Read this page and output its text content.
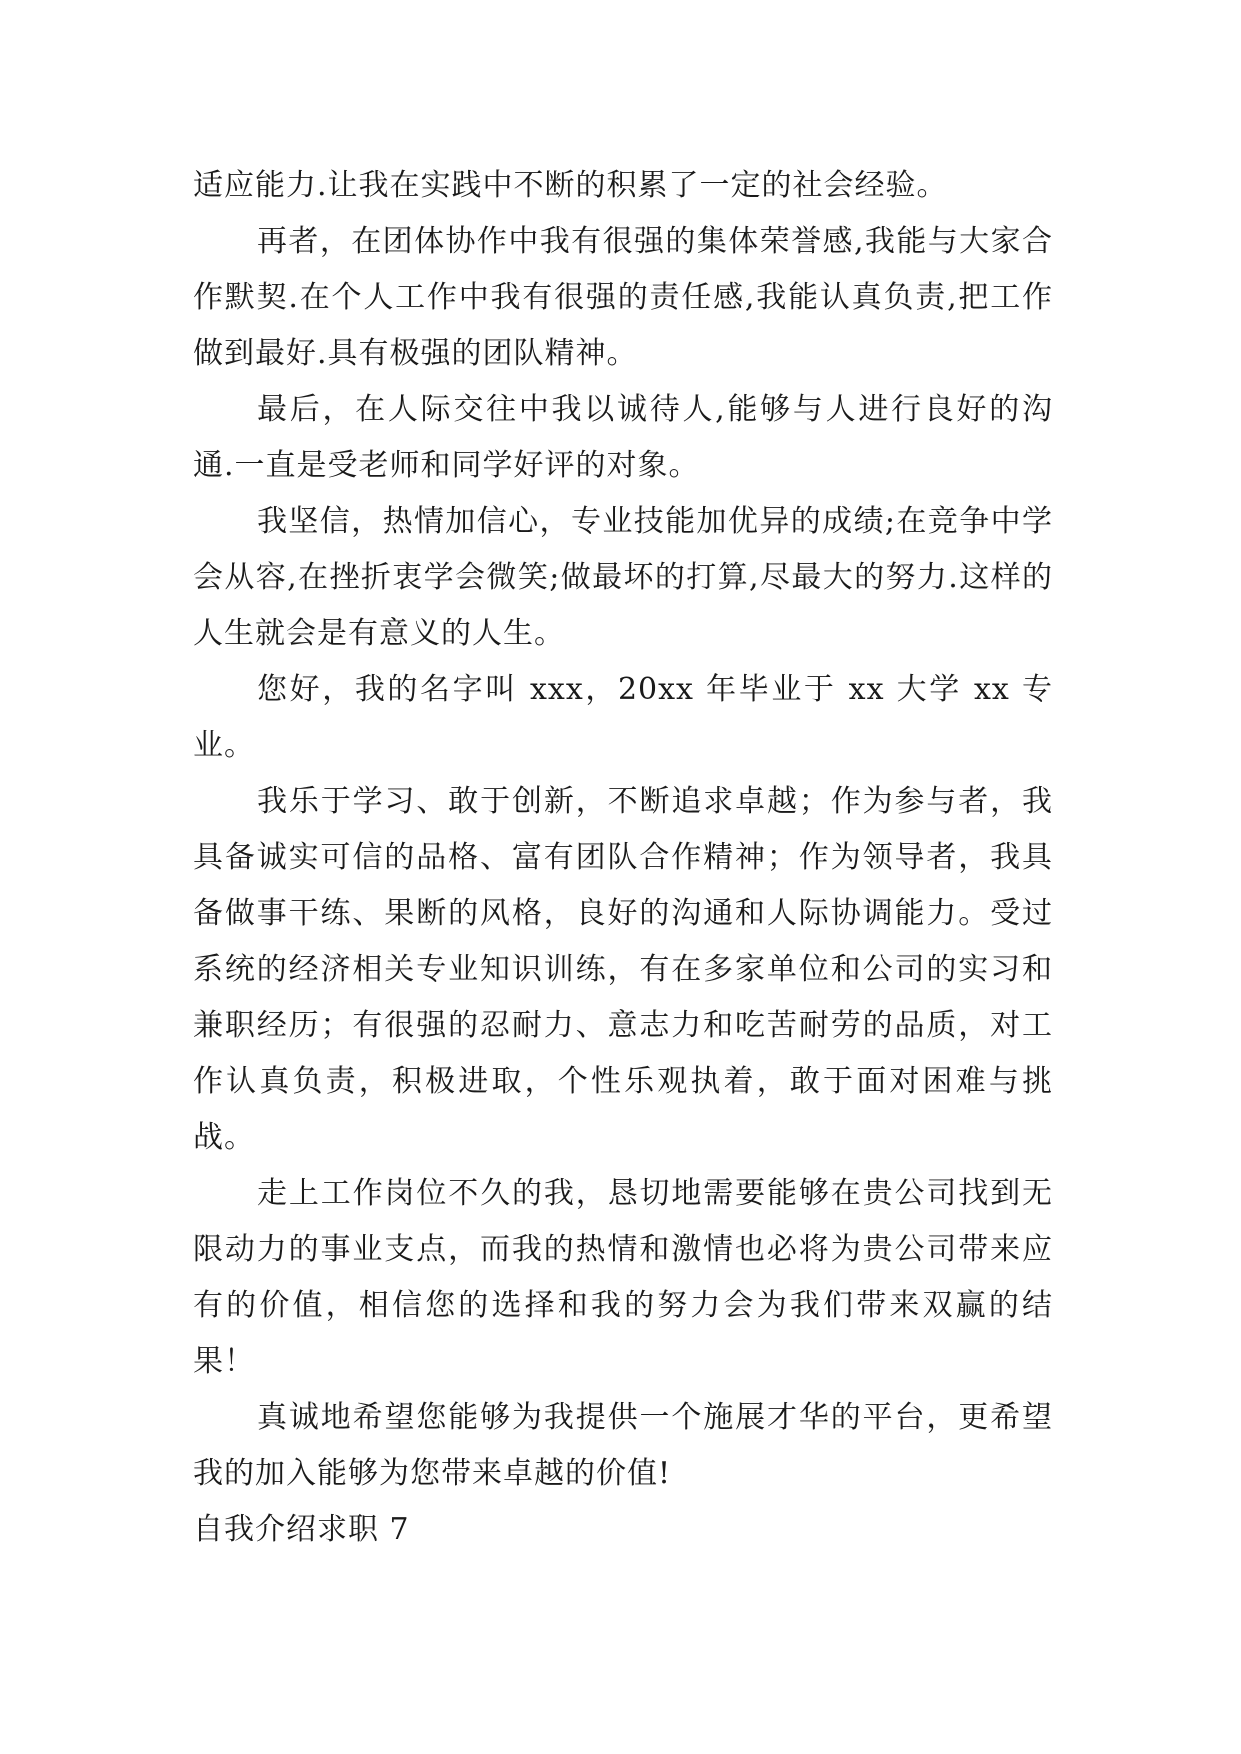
适应能力.让我在实践中不断的积累了一定的社会经验。

再者，在团体协作中我有很强的集体荣誉感,我能与大家合作默契.在个人工作中我有很强的责任感,我能认真负责,把工作做到最好.具有极强的团队精神。

最后，在人际交往中我以诚待人,能够与人进行良好的沟通.一直是受老师和同学好评的对象。

我坚信，热情加信心，专业技能加优异的成绩;在竞争中学会从容,在挫折衷学会微笑;做最坏的打算,尽最大的努力.这样的人生就会是有意义的人生。

您好，我的名字叫 xxx，20xx 年毕业于 xx 大学 xx 专业。

我乐于学习、敢于创新，不断追求卓越；作为参与者，我具备诚实可信的品格、富有团队合作精神；作为领导者，我具备做事干练、果断的风格，良好的沟通和人际协调能力。受过系统的经济相关专业知识训练，有在多家单位和公司的实习和兼职经历；有很强的忍耐力、意志力和吃苦耐劳的品质，对工作认真负责，积极进取，个性乐观执着，敢于面对困难与挑战。

走上工作岗位不久的我，恳切地需要能够在贵公司找到无限动力的事业支点，而我的热情和激情也必将为贵公司带来应有的价值，相信您的选择和我的努力会为我们带来双赢的结果！

真诚地希望您能够为我提供一个施展才华的平台，更希望我的加入能够为您带来卓越的价值!

自我介绍求职 7
